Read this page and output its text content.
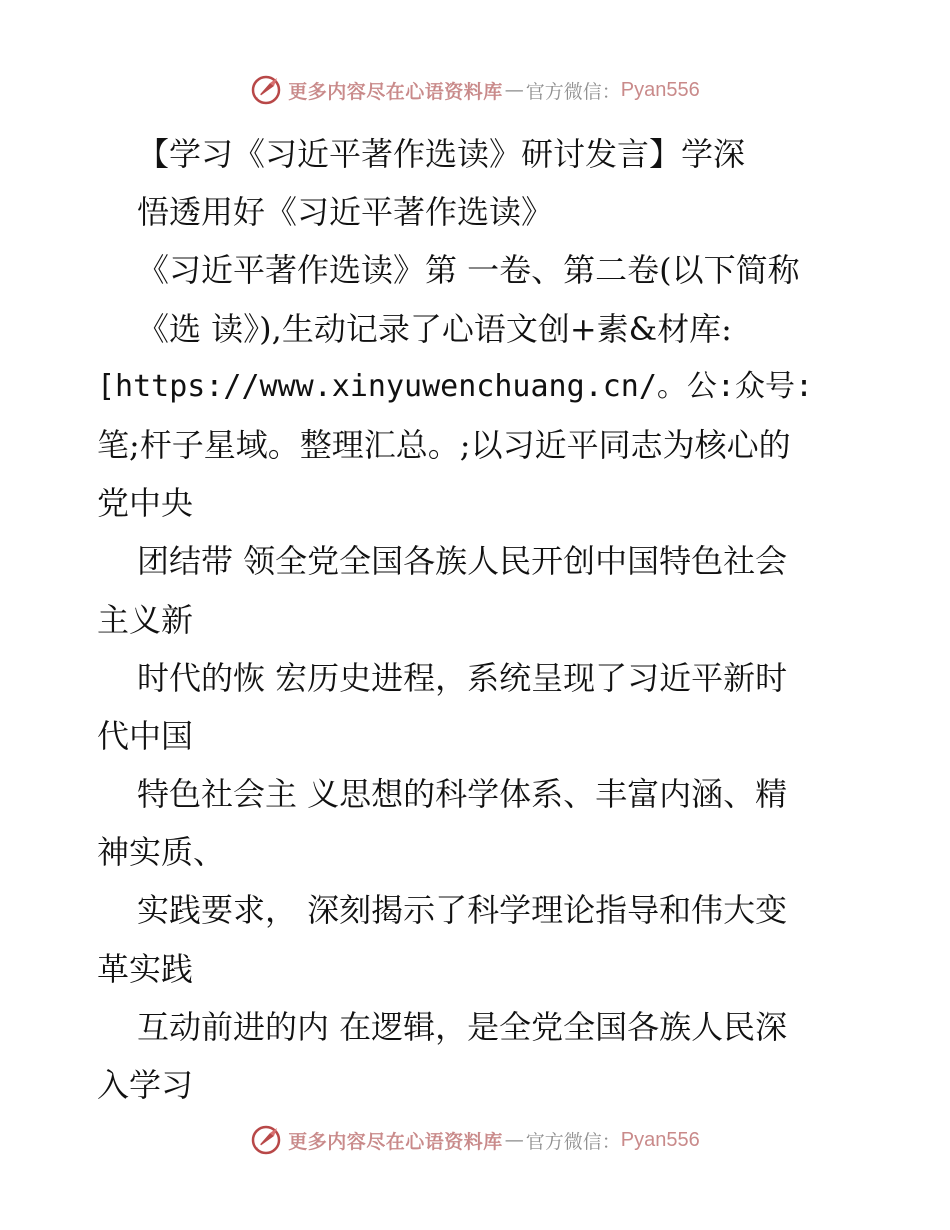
更多内容尽在心语资料库 — 官方微信： Pyan556
【学习《习近平著作选读》研讨发言】学深
悟透用好《习近平著作选读》
《习近平著作选读》第 一卷、第二卷(以下简称
《选 读》),生动记录了心语文创+素&材库:
[https://www.xinyuwenchuang.cn/。公:众号:
笔;杆子星域。整理汇总。;以习近平同志为核心的
党中央
团结带 领全党全国各族人民开创中国特色社会
主义新
时代的恢 宏历史进程，系统呈现了习近平新时
代中国
特色社会主 义思想的科学体系、丰富内涵、精
神实质、
实践要求， 深刻揭示了科学理论指导和伟大变
革实践
互动前进的内 在逻辑，是全党全国各族人民深
入学习
更多内容尽在心语资料库 — 官方微信： Pyan556
